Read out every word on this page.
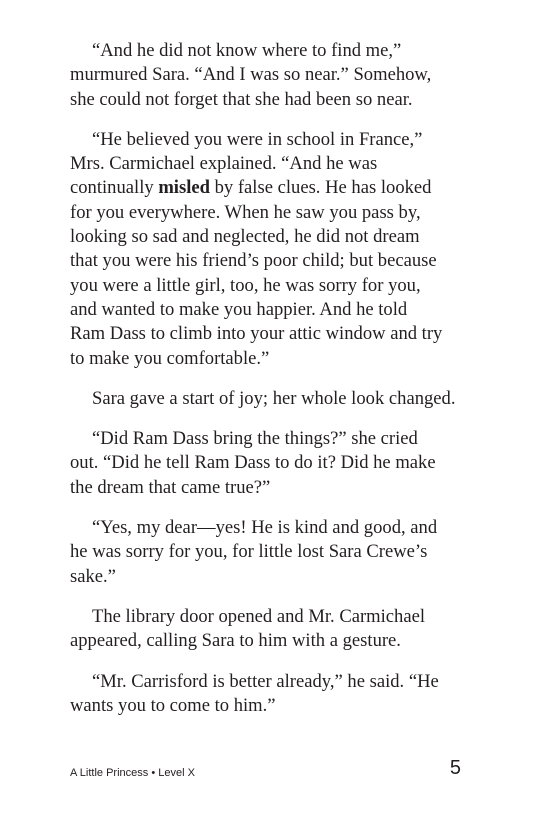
“And he did not know where to find me,”
murmured Sara. “And I was so near.” Somehow,
she could not forget that she had been so near.

“He believed you were in school in France,”
Mrs. Carmichael explained. “And he was
continually misled by false clues. He has looked
for you everywhere. When he saw you pass by,
looking so sad and neglected, he did not dream
that you were his friend’s poor child; but because
you were a little girl, too, he was sorry for you,
and wanted to make you happier. And he told
Ram Dass to climb into your attic window and try
to make you comfortable.”

Sara gave a start of joy; her whole look changed.

“Did Ram Dass bring the things?” she cried
out. “Did he tell Ram Dass to do it? Did he make
the dream that came true?”

“Yes, my dear—yes! He is kind and good, and
he was sorry for you, for little lost Sara Crewe’s
sake.”

The library door opened and Mr. Carmichael
appeared, calling Sara to him with a gesture.

“Mr. Carrisford is better already,” he said. “He
wants you to come to him.”

A Little Princess • Level X	5
